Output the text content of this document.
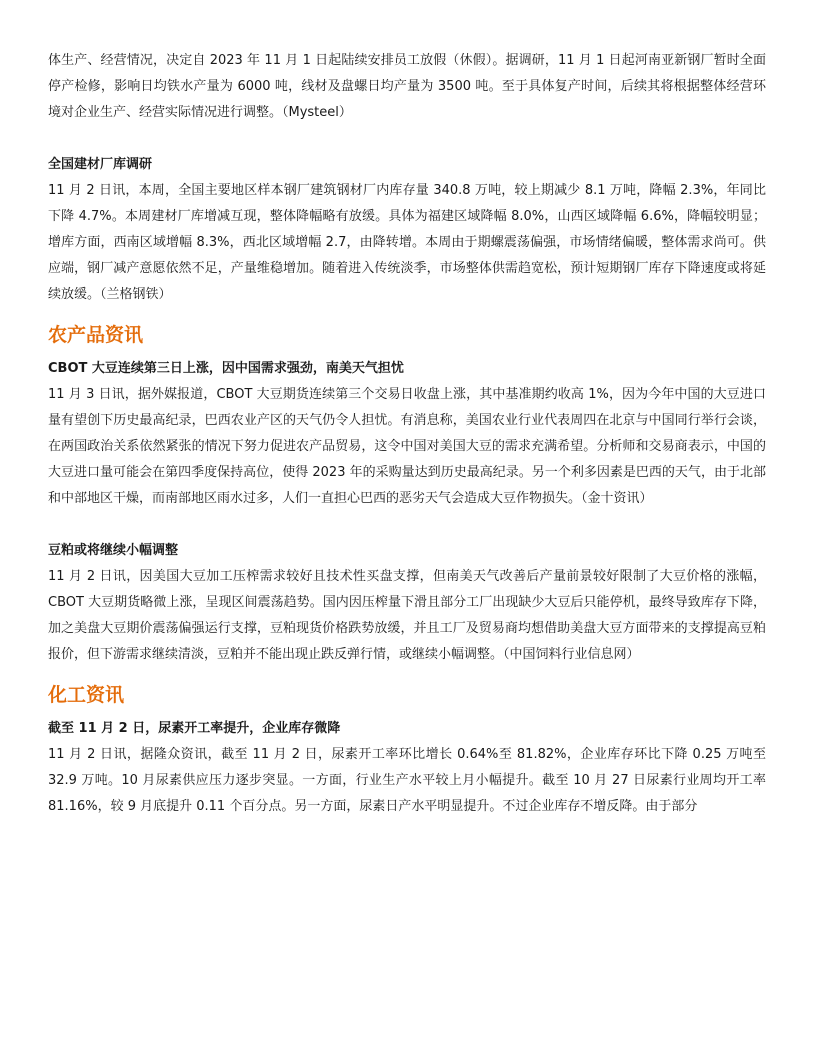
体生产、经营情况，决定自 2023 年 11 月 1 日起陆续安排员工放假（休假）。据调研，11 月 1 日起河南亚新钢厂暂时全面停产检修，影响日均铁水产量为 6000 吨，线材及盘螺日均产量为 3500 吨。至于具体复产时间，后续其将根据整体经营环境对企业生产、经营实际情况进行调整。（Mysteel）

全国建材厂库调研

11 月 2 日讯，本周，全国主要地区样本钢厂建筑钢材厂内库存量 340.8 万吨，较上期减少 8.1 万吨，降幅 2.3%，年同比下降 4.7%。本周建材厂库增减互现，整体降幅略有放缓。具体为福建区域降幅 8.0%，山西区域降幅 6.6%，降幅较明显；增库方面，西南区域增幅 8.3%，西北区域增幅 2.7，由降转增。本周由于期螺震荡偏强，市场情绪偏暖，整体需求尚可。供应端，钢厂减产意愿依然不足，产量维稳增加。随着进入传统淡季，市场整体供需趋宽松，预计短期钢厂库存下降速度或将延续放缓。（兰格钢铁）

农产品资讯

CBOT 大豆连续第三日上涨，因中国需求强劲，南美天气担忧

11 月 3 日讯，据外媒报道，CBOT 大豆期货连续第三个交易日收盘上涨，其中基准期约收高 1%，因为今年中国的大豆进口量有望创下历史最高纪录，巴西农业产区的天气仍令人担忧。有消息称，美国农业行业代表周四在北京与中国同行举行会谈，在两国政治关系依然紧张的情况下努力促进农产品贸易，这令中国对美国大豆的需求充满希望。分析师和交易商表示，中国的大豆进口量可能会在第四季度保持高位，使得 2023 年的采购量达到历史最高纪录。另一个利多因素是巴西的天气，由于北部和中部地区干燥，而南部地区雨水过多，人们一直担心巴西的恶劣天气会造成大豆作物损失。（金十资讯）

豆粕或将继续小幅调整

11 月 2 日讯，因美国大豆加工压榨需求较好且技术性买盘支撑，但南美天气改善后产量前景较好限制了大豆价格的涨幅，CBOT 大豆期货略微上涨，呈现区间震荡趋势。国内因压榨量下滑且部分工厂出现缺少大豆后只能停机，最终导致库存下降，加之美盘大豆期价震荡偏强运行支撑，豆粕现货价格跌势放缓，并且工厂及贸易商均想借助美盘大豆方面带来的支撑提高豆粕报价，但下游需求继续清淡，豆粕并不能出现止跌反弹行情，或继续小幅调整。（中国饲料行业信息网）

化工资讯

截至 11 月 2 日，尿素开工率提升，企业库存微降

11 月 2 日讯，据隆众资讯，截至 11 月 2 日，尿素开工率环比增长 0.64%至 81.82%，企业库存环比下降 0.25 万吨至 32.9 万吨。10 月尿素供应压力逐步突显。一方面，行业生产水平较上月小幅提升。截至 10 月 27 日尿素行业周均开工率 81.16%，较 9 月底提升 0.11 个百分点。另一方面，尿素日产水平明显提升。不过企业库存不增反降。由于部分
